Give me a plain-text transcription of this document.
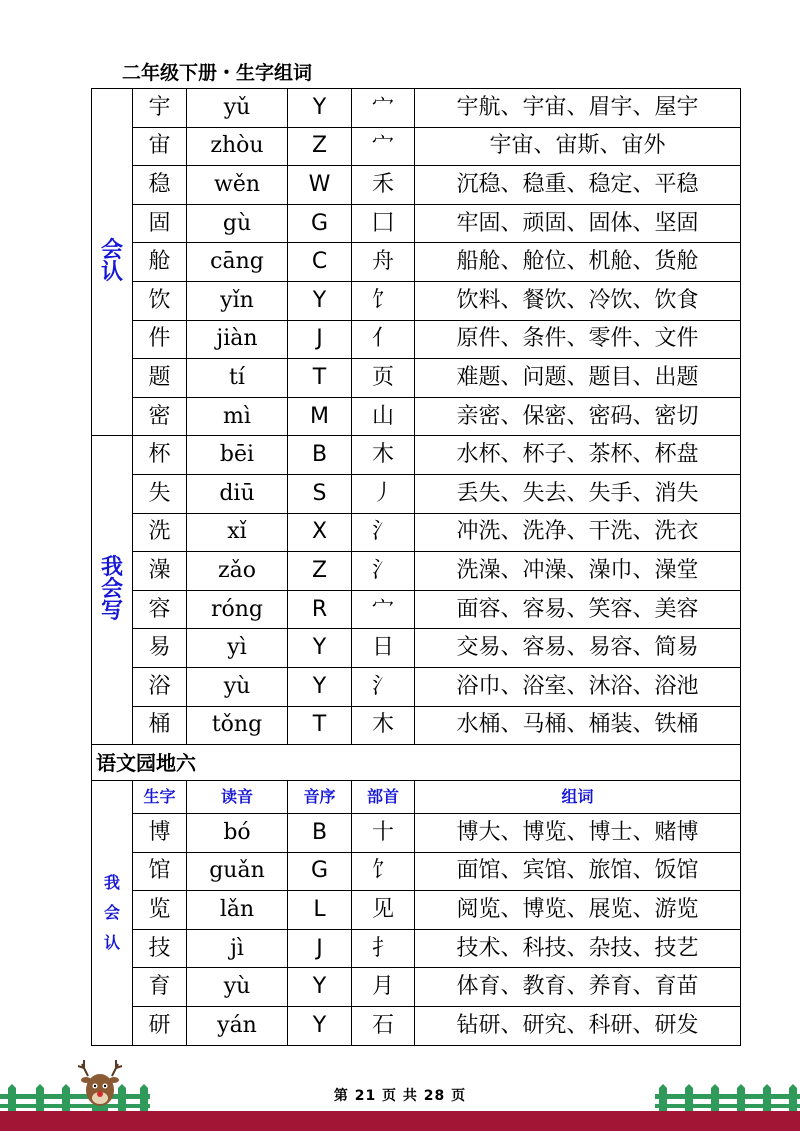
二年级下册・生字组词
会
认	宇	yǔ	Y	宀	宇航、宇宙、眉宇、屋宇
	宙	zhòu	Z	宀	宇宙、宙斯、宙外
	稳	wěn	W	禾	沉稳、稳重、稳定、平稳
	固	gù	G	囗	牢固、顽固、固体、坚固
	舱	cāng	C	舟	船舱、舱位、机舱、货舱
	饮	yǐn	Y	饣	饮料、餐饮、冷饮、饮食
	件	jiàn	J	亻	原件、条件、零件、文件
	题	tí	T	页	难题、问题、题目、出题
	密	mì	M	山	亲密、保密、密码、密切

我
会
写	杯	bēi	B	木	水杯、杯子、茶杯、杯盘
	失	diū	S	丿	丢失、失去、失手、消失
	洗	xǐ	X	氵	冲洗、洗净、干洗、洗衣
	澡	zǎo	Z	氵	洗澡、冲澡、澡巾、澡堂
	容	róng	R	宀	面容、容易、笑容、美容
	易	yì	Y	日	交易、容易、易容、简易
	浴	yù	Y	氵	浴巾、浴室、沐浴、浴池
	桶	tǒng	T	木	水桶、马桶、桶装、铁桶
语文园地六					

我
会
认	生字	读音	音序	部首	组词
	博	bó	B	十	博大、博览、博士、赌博
	馆	guǎn	G	饣	面馆、宾馆、旅馆、饭馆
	览	lǎn	L	见	阅览、博览、展览、游览
	技	jì	J	扌	技术、科技、杂技、技艺
	育	yù	Y	月	体育、教育、养育、育苗
	研	yán	Y	石	钻研、研究、科研、研发
第 21 页 共 28 页
